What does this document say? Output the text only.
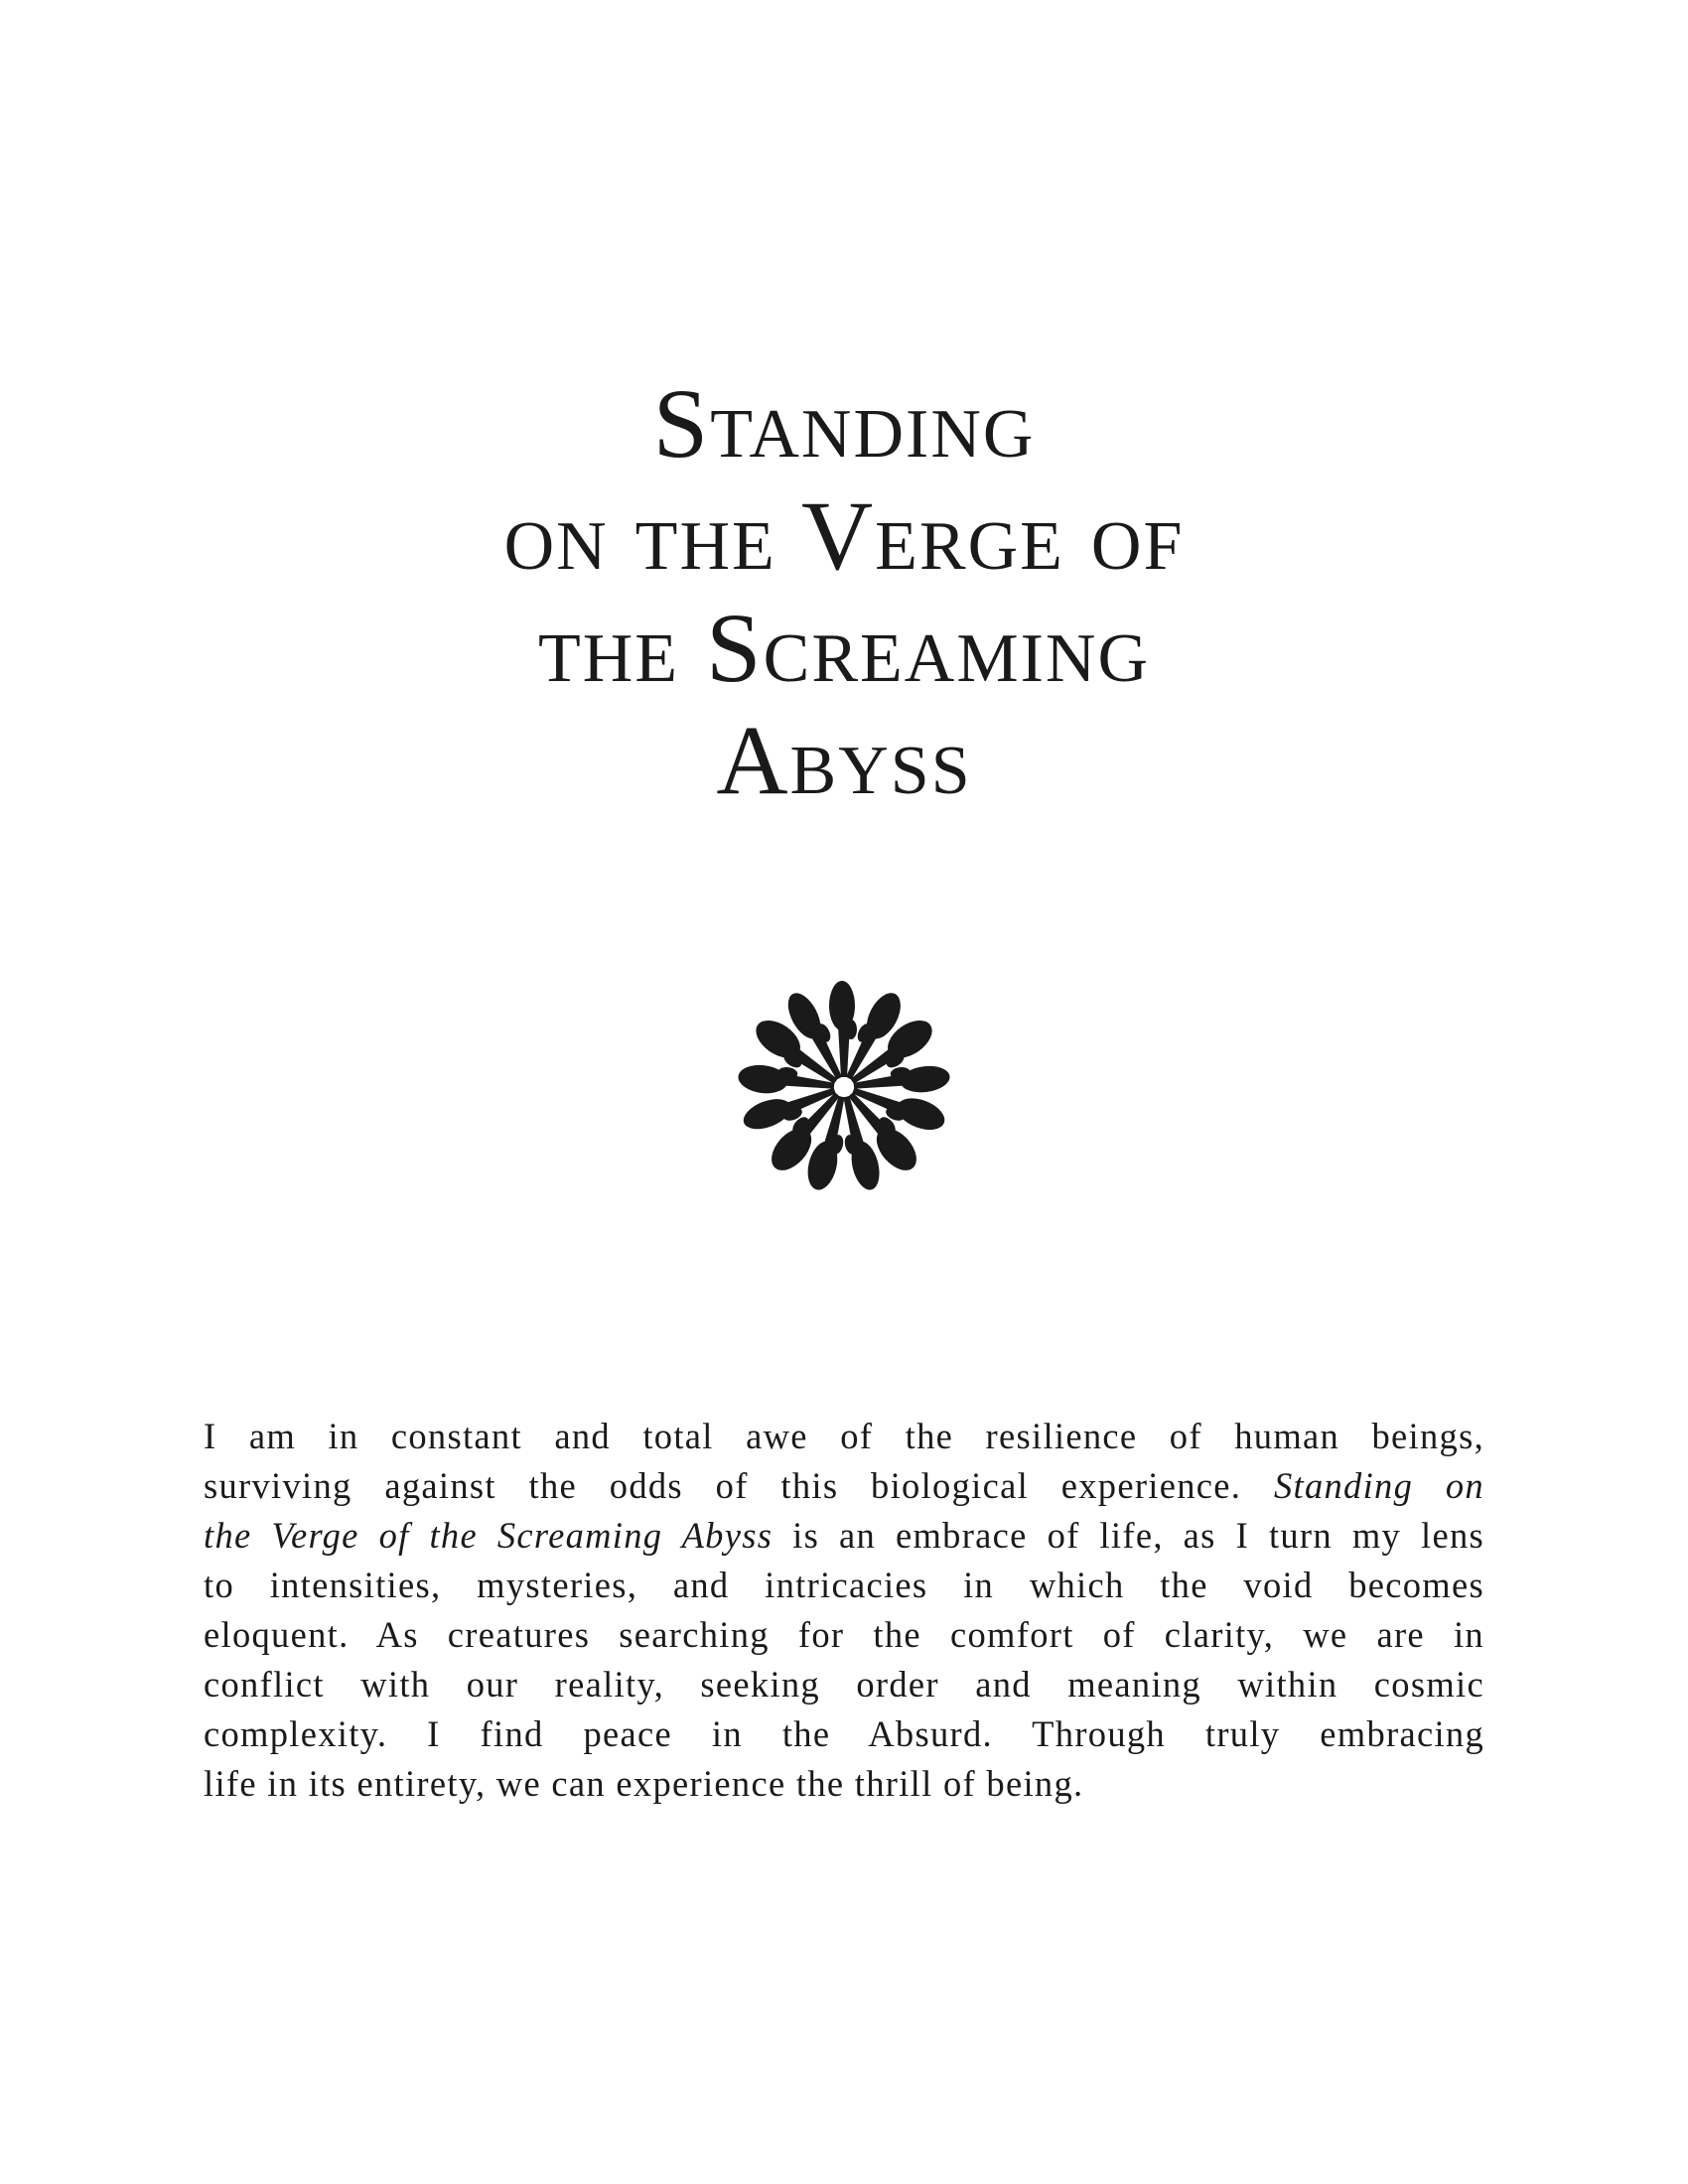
Standing
on the Verge of
the Screaming
Abyss

I am in constant and total awe of the resilience of human beings,
surviving against the odds of this biological experience. Standing on
the Verge of the Screaming Abyss is an embrace of life, as I turn my lens
to intensities, mysteries, and intricacies in which the void becomes
eloquent. As creatures searching for the comfort of clarity, we are in
conflict with our reality, seeking order and meaning within cosmic
complexity. I find peace in the Absurd. Through truly embracing
life in its entirety, we can experience the thrill of being.
